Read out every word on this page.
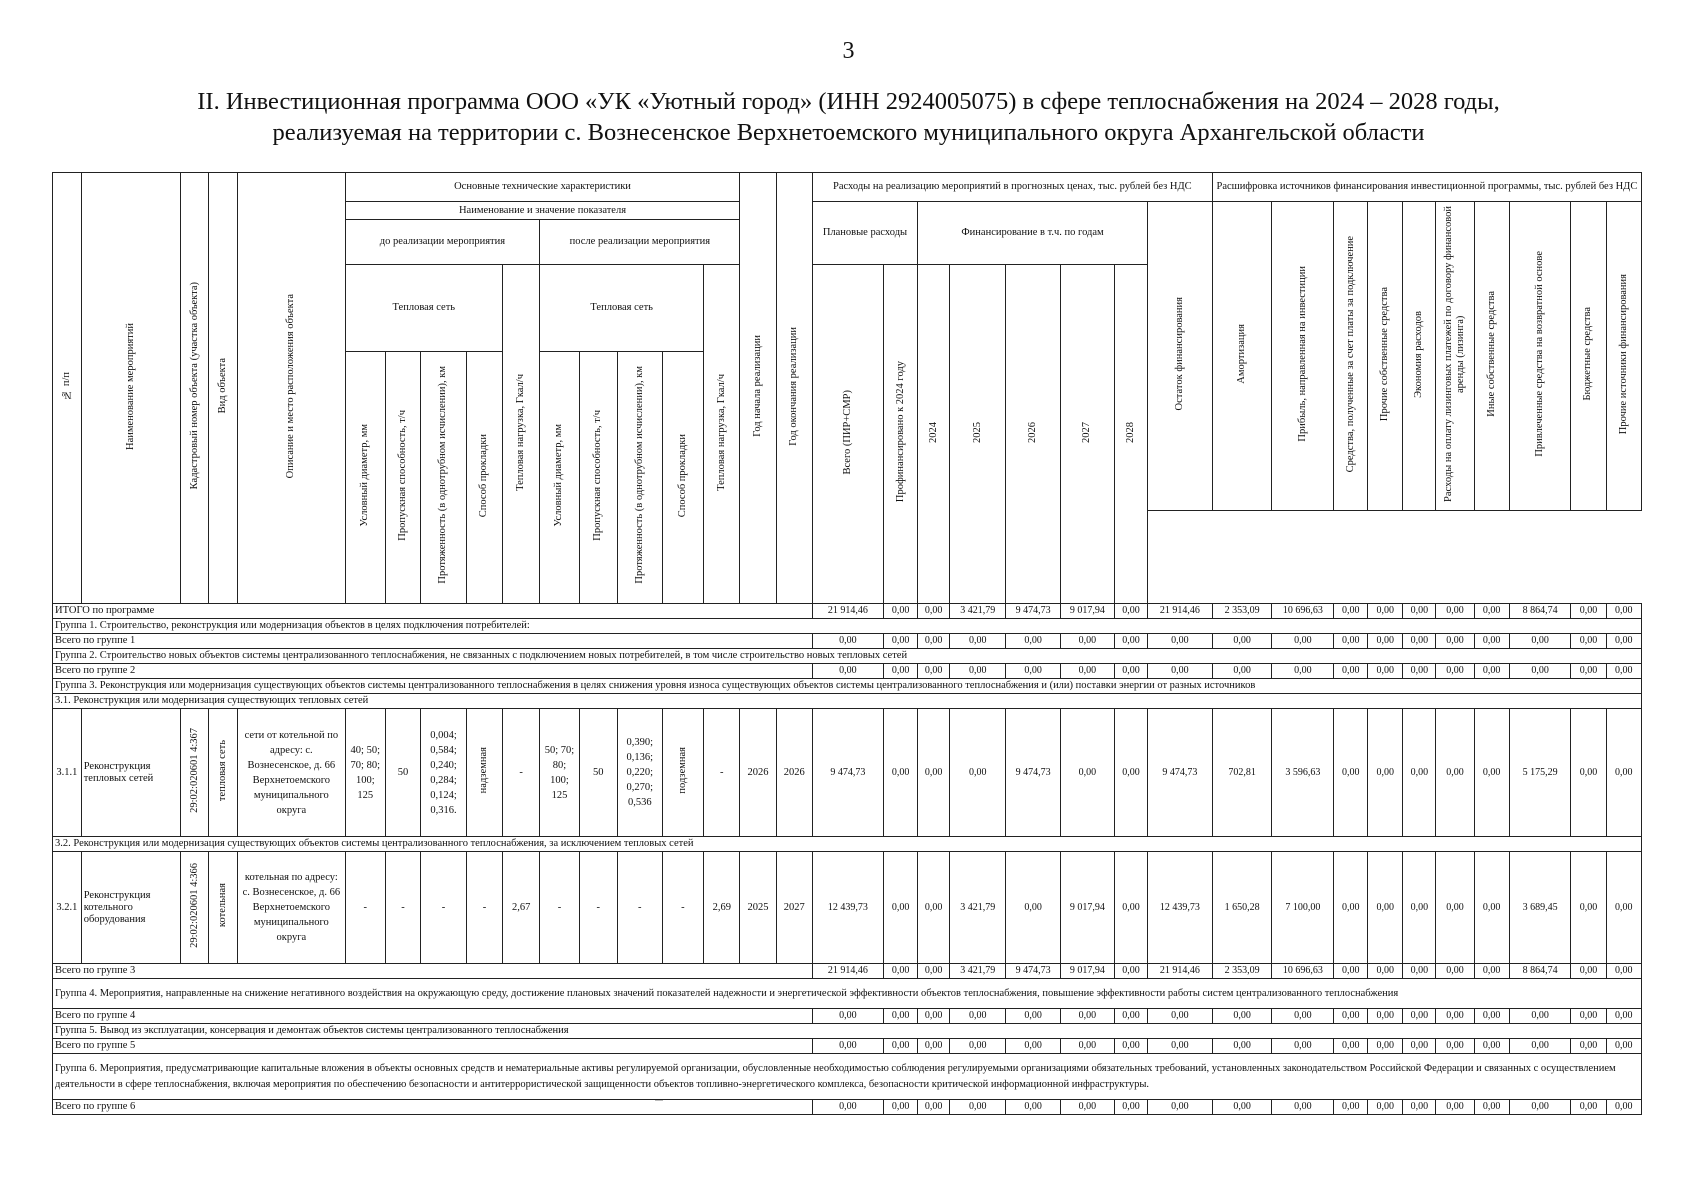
3
II. Инвестиционная программа ООО «УК «Уютный город» (ИНН 2924005075) в сфере теплоснабжения на 2024 – 2028 годы,
реализуемая на территории с. Вознесенское Верхнетоемского муниципального округа Архангельской области
№ п/п	Наименование мероприятий	Кадастровый номер объекта (участка объекта)	Вид объекта	Описание и место расположения объекта	Основные технические характеристики										Год начала реализации	Год окончания реализации	Расходы на реализацию мероприятий в прогнозных ценах, тыс. рублей без НДС								Расшифровка источников финансирования инвестиционной программы, тыс. рублей без НДС									
					Наименование и значение показателя												Плановые расходы		Финансирование в т.ч. по годам					Остаток финансирования	Амортизация	Прибыль, направленная на инвестиции	Средства, полученные за счет платы за подключение	Прочие собственные средства	Экономия расходов	Расходы на оплату лизинговых платежей по договору финансовой аренды (лизинга)	Иные собственные средства	Привлеченные средства на возвратной основе	Бюджетные средства	Прочие источники финансирования
					до реализации мероприятия					после реализации мероприятия																								
					Тепловая сеть				Тепловая нагрузка, Гкал/ч	Тепловая сеть				Тепловая нагрузка, Гкал/ч			Всего (ПИР+СМР)	Профинансировано к 2024 году	2024	2025	2026	2027	2028											
					Условный диаметр, мм	Пропускная способность, т/ч	Протяженность (в однотрубном исчислении), км	Способ прокладки		Условный диаметр, мм	Пропускная способность, т/ч	Протяженность (в однотрубном исчислении), км	Способ прокладки																					

ИТОГО по программе																	21 914,46	0,00	0,00	3 421,79	9 474,73	9 017,94	0,00	21 914,46	2 353,09	10 696,63	0,00	0,00	0,00	0,00	0,00	8 864,74	0,00	0,00
Группа 1. Строительство, реконструкция или модернизация объектов в целях подключения потребителей:																																		
Всего по группе 1																	0,00	0,00	0,00	0,00	0,00	0,00	0,00	0,00	0,00	0,00	0,00	0,00	0,00	0,00	0,00	0,00	0,00	0,00
Группа 2. Строительство новых объектов системы централизованного теплоснабжения, не связанных с подключением новых потребителей, в том числе строительство новых тепловых сетей																																		
Всего по группе 2																	0,00	0,00	0,00	0,00	0,00	0,00	0,00	0,00	0,00	0,00	0,00	0,00	0,00	0,00	0,00	0,00	0,00	0,00
Группа 3. Реконструкция или модернизация существующих объектов системы централизованного теплоснабжения в целях снижения уровня износа существующих объектов системы централизованного теплоснабжения и (или) поставки энергии от разных источников																																		
3.1. Реконструкция или модернизация существующих тепловых сетей																																		
3.1.1	Реконструкция тепловых сетей	29:02:020601 4:367	тепловая сеть	сети от котельной по адресу: с. Вознесенское, д. 66 Верхнетоемского муниципального округа	40; 50; 70; 80; 100; 125	50	0,004; 0,584; 0,240; 0,284; 0,124; 0,316.	надземная	-	50; 70; 80; 100; 125	50	0,390; 0,136; 0,220; 0,270; 0,536	подземная	-	2026	2026	9 474,73	0,00	0,00	0,00	9 474,73	0,00	0,00	9 474,73	702,81	3 596,63	0,00	0,00	0,00	0,00	0,00	5 175,29	0,00	0,00
3.2. Реконструкция или модернизация существующих объектов системы централизованного теплоснабжения, за исключением тепловых сетей																																		
3.2.1	Реконструкция котельного оборудования	29:02:020601 4:366	котельная	котельная по адресу: с. Вознесенское, д. 66 Верхнетоемского муниципального округа	-	-	-	-	2,67	-	-	-	-	2,69	2025	2027	12 439,73	0,00	0,00	3 421,79	0,00	9 017,94	0,00	12 439,73	1 650,28	7 100,00	0,00	0,00	0,00	0,00	0,00	3 689,45	0,00	0,00
Всего по группе 3																	21 914,46	0,00	0,00	3 421,79	9 474,73	9 017,94	0,00	21 914,46	2 353,09	10 696,63	0,00	0,00	0,00	0,00	0,00	8 864,74	0,00	0,00
Группа 4. Мероприятия, направленные на снижение негативного воздействия на окружающую среду, достижение плановых значений показателей надежности и энергетической эффективности объектов теплоснабжения, повышение эффективности работы систем централизованного теплоснабжения																																		
Всего по группе 4																	0,00	0,00	0,00	0,00	0,00	0,00	0,00	0,00	0,00	0,00	0,00	0,00	0,00	0,00	0,00	0,00	0,00	0,00
Группа 5. Вывод из эксплуатации, консервация и демонтаж объектов системы централизованного теплоснабжения																																		
Всего по группе 5																	0,00	0,00	0,00	0,00	0,00	0,00	0,00	0,00	0,00	0,00	0,00	0,00	0,00	0,00	0,00	0,00	0,00	0,00
Группа 6. Мероприятия, предусматривающие капитальные вложения в объекты основных средств и нематериальные активы регулируемой организации, обусловленные необходимостью соблюдения регулируемыми организациями обязательных требований, установленных законодательством Российской Федерации и связанных с осуществлением деятельности в сфере теплоснабжения, включая мероприятия по обеспечению безопасности и антитеррористической защищенности объектов топливно-энергетического комплекса, безопасности критической информационной инфраструктуры.																																		
Всего по группе 6																	0,00	0,00	0,00	0,00	0,00	0,00	0,00	0,00	0,00	0,00	0,00	0,00	0,00	0,00	0,00	0,00	0,00	0,00
